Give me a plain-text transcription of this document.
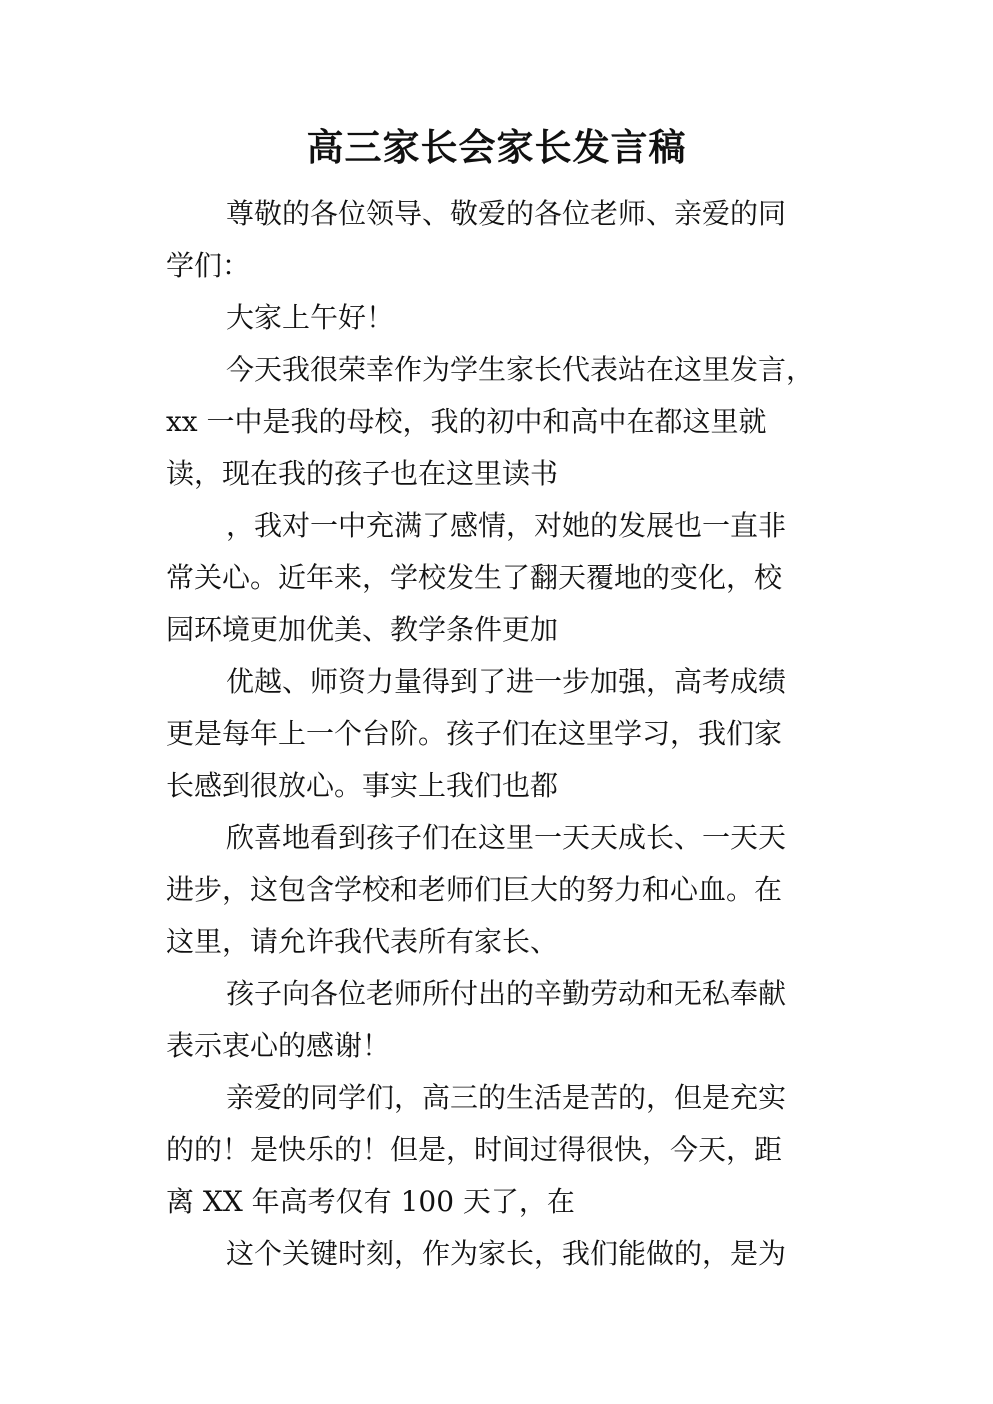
高三家长会家长发言稿
尊敬的各位领导、敬爱的各位老师、亲爱的同
学们：
大家上午好！
今天我很荣幸作为学生家长代表站在这里发言，
xx 一中是我的母校，我的初中和高中在都这里就
读，现在我的孩子也在这里读书
，我对一中充满了感情，对她的发展也一直非
常关心。近年来，学校发生了翻天覆地的变化，校
园环境更加优美、教学条件更加
优越、师资力量得到了进一步加强，高考成绩
更是每年上一个台阶。孩子们在这里学习，我们家
长感到很放心。事实上我们也都
欣喜地看到孩子们在这里一天天成长、一天天
进步，这包含学校和老师们巨大的努力和心血。在
这里，请允许我代表所有家长、
孩子向各位老师所付出的辛勤劳动和无私奉献
表示衷心的感谢！
亲爱的同学们，高三的生活是苦的，但是充实
的的！是快乐的！但是，时间过得很快，今天，距
离 XX 年高考仅有 100 天了，在
这个关键时刻，作为家长，我们能做的，是为
